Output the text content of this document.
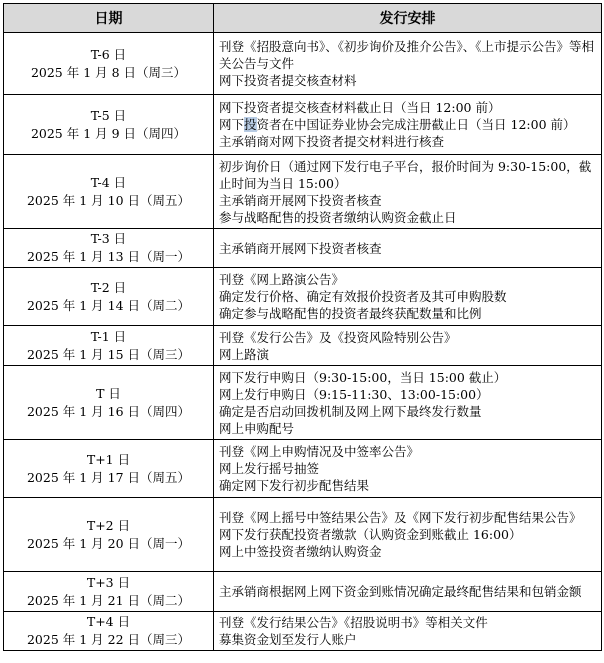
日期	发行安排

T-6 日
2025 年 1 月 8 日（周三）	刊登《招股意向书》、《初步询价及推介公告》、《上市提示公告》等相关公告与文件
网下投资者提交核查材料

T-5 日
2025 年 1 月 9 日（周四）	网下投资者提交核查材料截止日（当日 12:00 前）
网下投资者在中国证券业协会完成注册截止日（当日 12:00 前）
主承销商对网下投资者提交材料进行核查

T-4 日
2025 年 1 月 10 日（周五）	初步询价日（通过网下发行电子平台，报价时间为 9:30-15:00，截止时间为当日 15:00）
主承销商开展网下投资者核查
参与战略配售的投资者缴纳认购资金截止日

T-3 日
2025 年 1 月 13 日（周一）	主承销商开展网下投资者核查

T-2 日
2025 年 1 月 14 日（周二）	刊登《网上路演公告》
确定发行价格、确定有效报价投资者及其可申购股数
确定参与战略配售的投资者最终获配数量和比例

T-1 日
2025 年 1 月 15 日（周三）	刊登《发行公告》及《投资风险特别公告》
网上路演

T 日
2025 年 1 月 16 日（周四）	网下发行申购日（9:30-15:00，当日 15:00 截止）
网上发行申购日（9:15-11:30、13:00-15:00）
确定是否启动回拨机制及网上网下最终发行数量
网上申购配号

T+1 日
2025 年 1 月 17 日（周五）	刊登《网上申购情况及中签率公告》
网上发行摇号抽签
确定网下发行初步配售结果

T+2 日
2025 年 1 月 20 日（周一）	刊登《网上摇号中签结果公告》及《网下发行初步配售结果公告》
网下发行获配投资者缴款（认购资金到账截止 16:00）
网上中签投资者缴纳认购资金

T+3 日
2025 年 1 月 21 日（周二）	主承销商根据网上网下资金到账情况确定最终配售结果和包销金额

T+4 日
2025 年 1 月 22 日（周三）	刊登《发行结果公告》《招股说明书》等相关文件
募集资金划至发行人账户
